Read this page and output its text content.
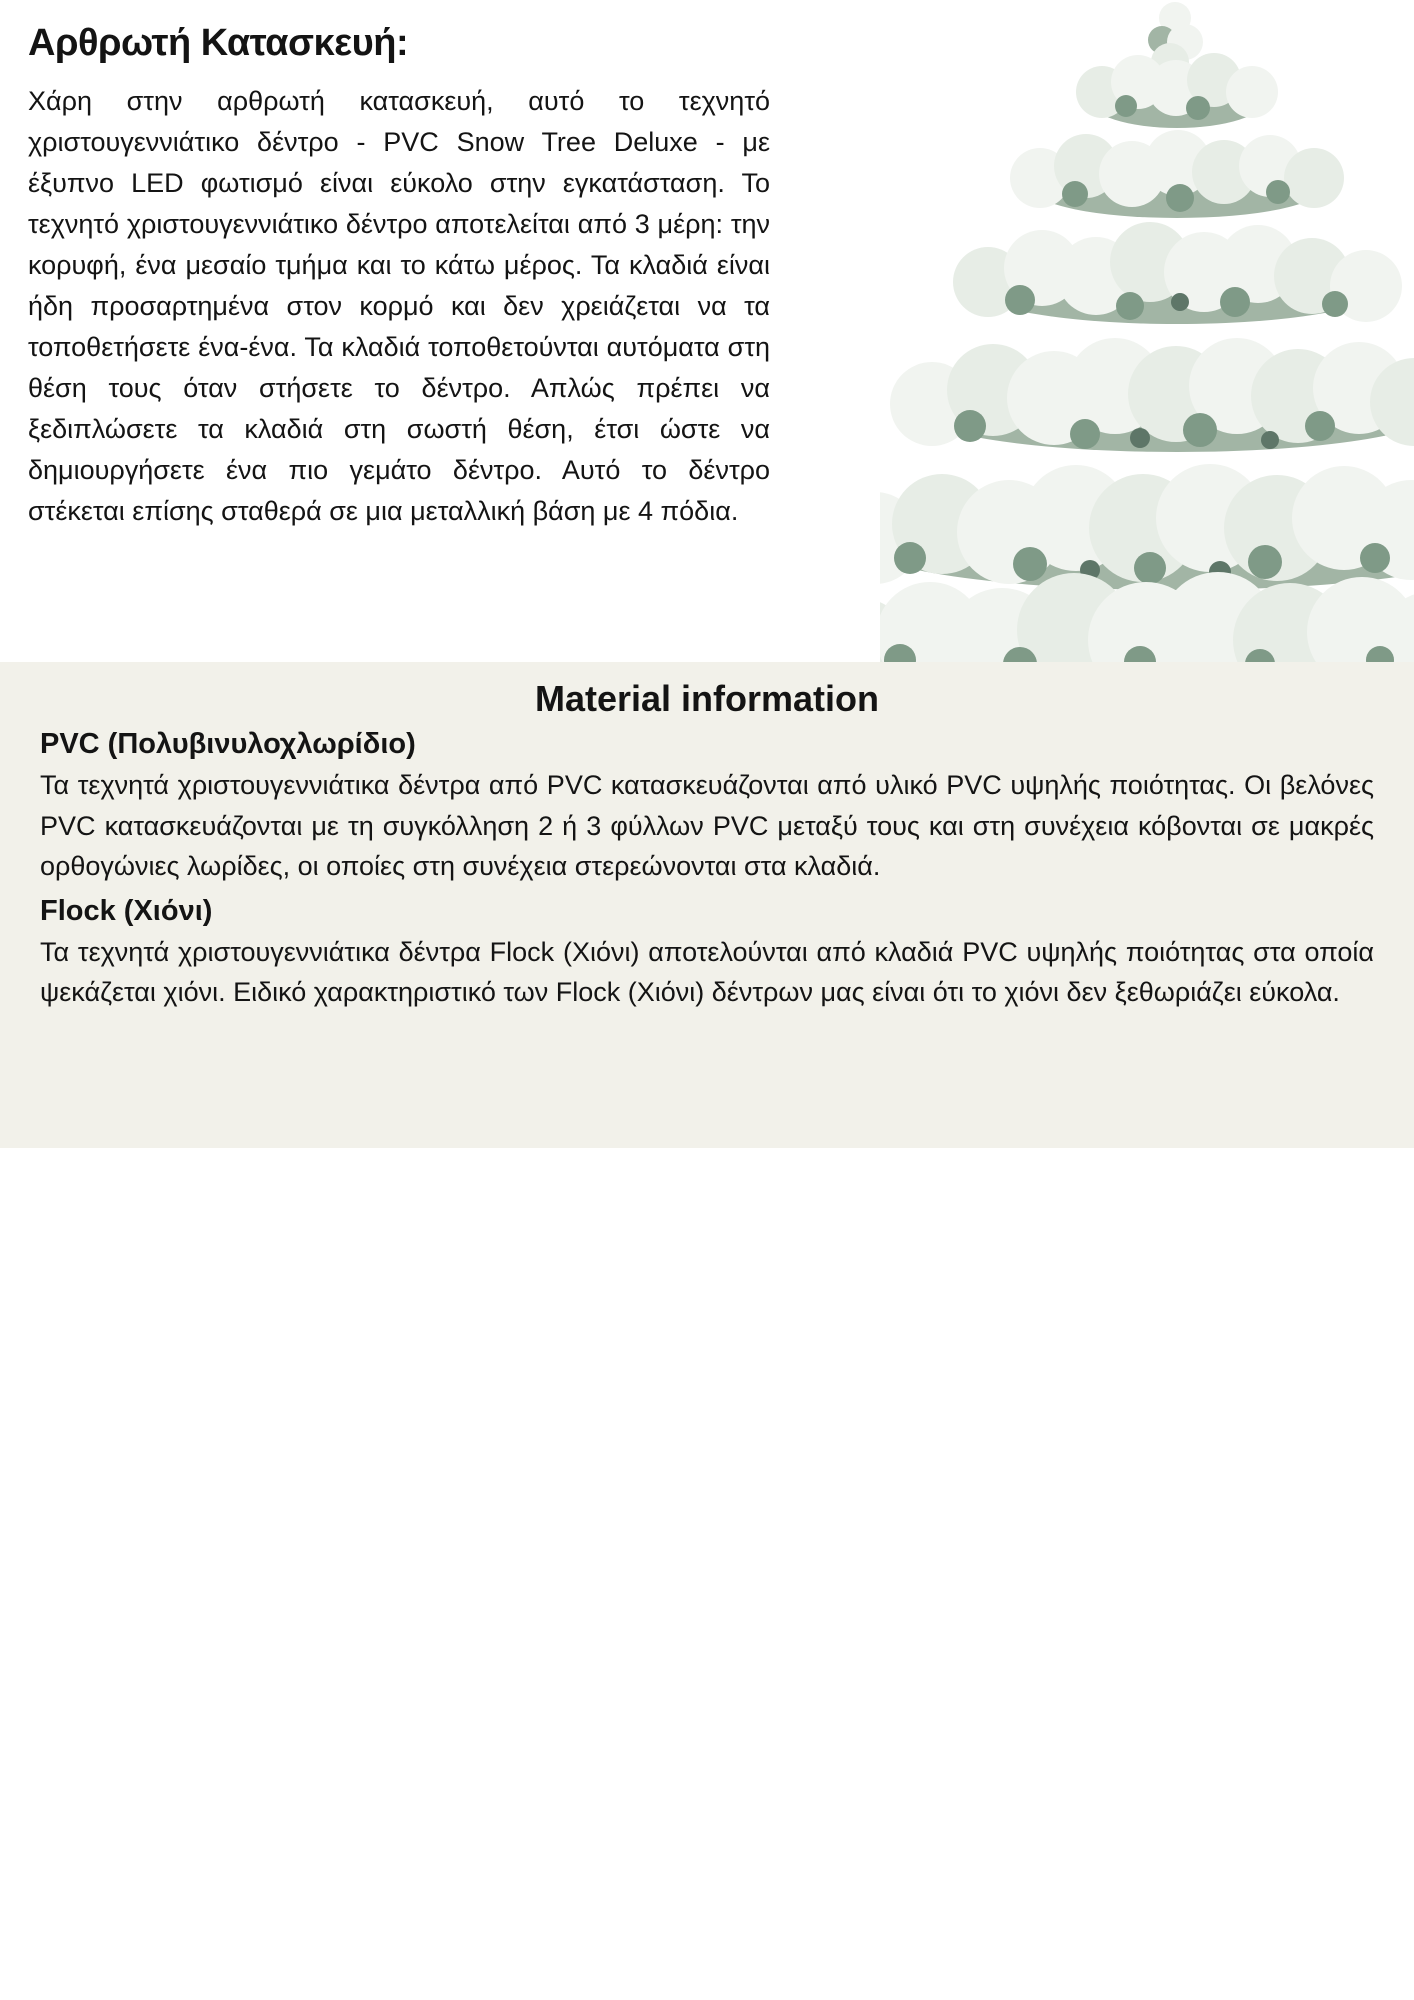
Αρθρωτή Κατασκευή:

Χάρη στην αρθρωτή κατασκευή, αυτό το τεχνητό χριστουγεννιάτικο δέντρο - PVC Snow Tree Deluxe - με έξυπνο LED φωτισμό είναι εύκολο στην εγκατάσταση. Το τεχνητό χριστουγεννιάτικο δέντρο αποτελείται από 3 μέρη: την κορυφή, ένα μεσαίο τμήμα και το κάτω μέρος. Τα κλαδιά είναι ήδη προσαρτημένα στον κορμό και δεν χρειάζεται να τα τοποθετήσετε ένα-ένα. Τα κλαδιά τοποθετούνται αυτόματα στη θέση τους όταν στήσετε το δέντρο. Απλώς πρέπει να ξεδιπλώσετε τα κλαδιά στη σωστή θέση, έτσι ώστε να δημιουργήσετε ένα πιο γεμάτο δέντρο. Αυτό το δέντρο στέκεται επίσης σταθερά σε μια μεταλλική βάση με 4 πόδια.

Material information
PVC (Πολυβινυλοχλωρίδιο)

Τα τεχνητά χριστουγεννιάτικα δέντρα από PVC κατασκευάζονται από υλικό PVC υψηλής ποιότητας. Οι βελόνες PVC κατασκευάζονται με τη συγκόλληση 2 ή 3 φύλλων PVC μεταξύ τους και στη συνέχεια κόβονται σε μακρές ορθογώνιες λωρίδες, οι οποίες στη συνέχεια στερεώνονται στα κλαδιά.

Flock (Χιόνι)

Τα τεχνητά χριστουγεννιάτικα δέντρα Flock (Χιόνι) αποτελούνται από κλαδιά PVC υψηλής ποιότητας στα οποία ψεκάζεται χιόνι. Ειδικό χαρακτηριστικό των Flock (Χιόνι) δέντρων μας είναι ότι το χιόνι δεν ξεθωριάζει εύκολα.
